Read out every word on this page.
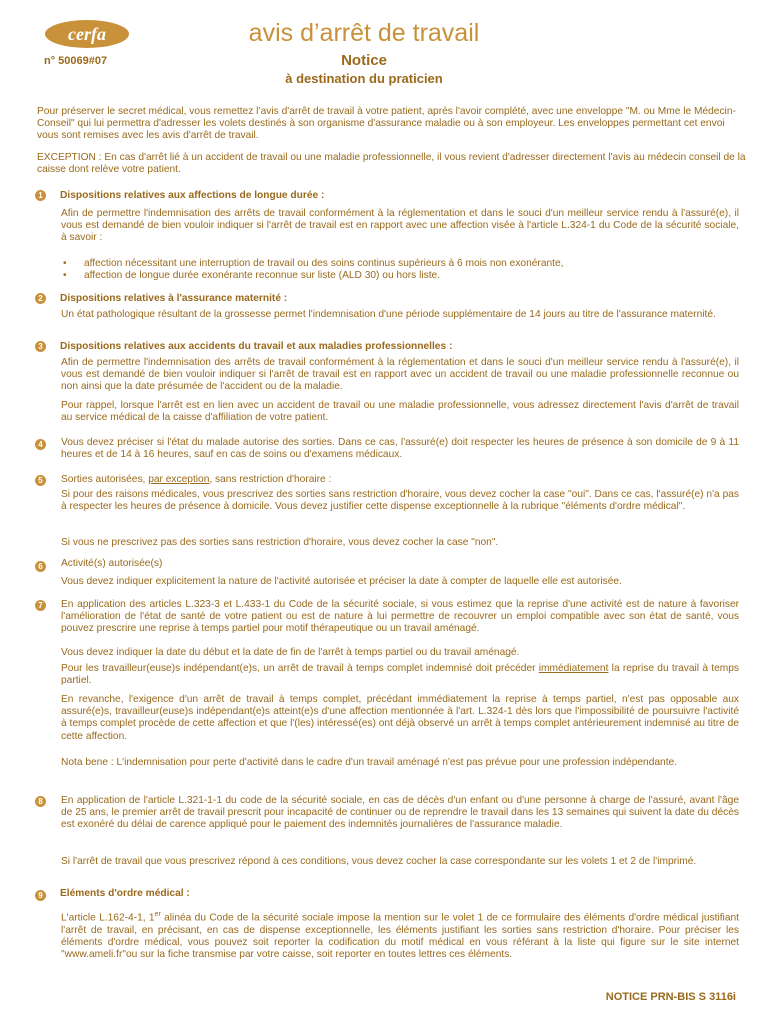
cerfa
n° 50069#07
avis d’arrêt de travail
Notice
à destination du praticien
Pour préserver le secret médical, vous remettez l’avis d'arrêt de travail à votre patient, après l'avoir complété, avec une enveloppe "M. ou Mme le Médecin-Conseil" qui lui permettra d'adresser les volets destinés à son organisme d'assurance maladie ou à son employeur. Les enveloppes permettant cet envoi vous sont remises avec les avis d'arrêt de travail.
EXCEPTION : En cas d'arrêt lié à un accident de travail ou une maladie professionnelle, il vous revient d'adresser directement l'avis au médecin conseil de la caisse dont relève votre patient.
1	Dispositions relatives aux affections de longue durée :
Afin de permettre l'indemnisation des arrêts de travail conformément à la réglementation et dans le souci d'un meilleur service rendu à l'assuré(e), il vous est demandé de bien vouloir indiquer si l'arrêt de travail est en rapport avec une affection visée à l'article L.324-1 du Code de la sécurité sociale, à savoir :
• affection nécessitant une interruption de travail ou des soins continus supérieurs à 6 mois non exonérante,
• affection de longue durée exonérante reconnue sur liste (ALD 30) ou hors liste.
2	Dispositions relatives à l'assurance maternité :
Un état pathologique résultant de la grossesse permet l'indemnisation d'une période supplémentaire de 14 jours au titre de l'assurance maternité.
3	Dispositions relatives aux accidents du travail et aux maladies professionnelles :
Afin de permettre l'indemnisation des arrêts de travail conformément à la réglementation et dans le souci d'un meilleur service rendu à l'assuré(e), il vous est demandé de bien vouloir indiquer si l'arrêt de travail est en rapport avec un accident de travail ou une maladie professionnelle reconnue ou non ainsi que la date présumée de l'accident ou de la maladie.
Pour rappel, lorsque l'arrêt est en lien avec un accident de travail ou une maladie professionnelle, vous adressez directement l'avis d'arrêt de travail au service médical de la caisse d'affiliation de votre patient.
4	Vous devez préciser si l'état du malade autorise des sorties. Dans ce cas, l'assuré(e) doit respecter les heures de présence à son domicile de 9 à 11 heures et de 14 à 16 heures, sauf en cas de soins ou d'examens médicaux.
5	Sorties autorisées, par exception, sans restriction d'horaire :
Si pour des raisons médicales, vous prescrivez des sorties sans restriction d'horaire, vous devez cocher la case "oui". Dans ce cas, l'assuré(e) n'a pas à respecter les heures de présence à domicile. Vous devez justifier cette dispense exceptionnelle à la rubrique "éléments d'ordre médical".
Si vous ne prescrivez pas des sorties sans restriction d'horaire, vous devez cocher la case "non".
6	Activité(s) autorisée(s)
Vous devez indiquer explicitement la nature de l'activité autorisée et préciser la date à compter de laquelle elle est autorisée.
7	En application des articles L.323-3 et L.433-1 du Code de la sécurité sociale, si vous estimez que la reprise d'une activité est de nature à favoriser l'amélioration de l'état de santé de votre patient ou est de nature à lui permettre de recouvrer un emploi compatible avec son état de santé, vous pouvez prescrire une reprise à temps partiel pour motif thérapeutique ou un travail aménagé.
Vous devez indiquer la date du début et la date de fin de l'arrêt à temps partiel ou du travail aménagé.
Pour les travailleur(euse)s indépendant(e)s, un arrêt de travail à temps complet indemnisé doit précéder immédiatement la reprise du travail à temps partiel.
En revanche, l'exigence d'un arrêt de travail à temps complet, précédant immédiatement la reprise à temps partiel, n'est pas opposable aux assuré(e)s, travailleur(euse)s indépendant(e)s atteint(e)s d'une affection mentionnée à l'art. L.324-1 dès lors que l'impossibilité de poursuivre l'activité à temps complet procède de cette affection et que l'(les) intéressé(es) ont déjà observé un arrêt à temps complet antérieurement indemnisé au titre de cette affection.
Nota bene : L'indemnisation pour perte d'activité dans le cadre d'un travail aménagé n'est pas prévue pour une profession indépendante.
8	En application de l'article L.321-1-1 du code de la sécurité sociale, en cas de décès d'un enfant ou d'une personne à charge de l'assuré, avant l'âge de 25 ans, le premier arrêt de travail prescrit pour incapacité de continuer ou de reprendre le travail dans les 13 semaines qui suivent la date du décès est exonéré du délai de carence appliqué pour le paiement des indemnités journalières de l'assurance maladie.
Si l'arrêt de travail que vous prescrivez répond à ces conditions, vous devez cocher la case correspondante sur les volets 1 et 2 de l'imprimé.
9	Eléments d'ordre médical :
L'article L.162-4-1, 1er alinéa du Code de la sécurité sociale impose la mention sur le volet 1 de ce formulaire des éléments d'ordre médical justifiant l'arrêt de travail, en précisant, en cas de dispense exceptionnelle, les éléments justifiant les sorties sans restriction d'horaire. Pour préciser les éléments d'ordre médical, vous pouvez soit reporter la codification du motif médical en vous référant à la liste qui figure sur le site internet "www.ameli.fr"ou sur la fiche transmise par votre caisse, soit reporter en toutes lettres ces éléments.
NOTICE PRN-BIS S 3116i
